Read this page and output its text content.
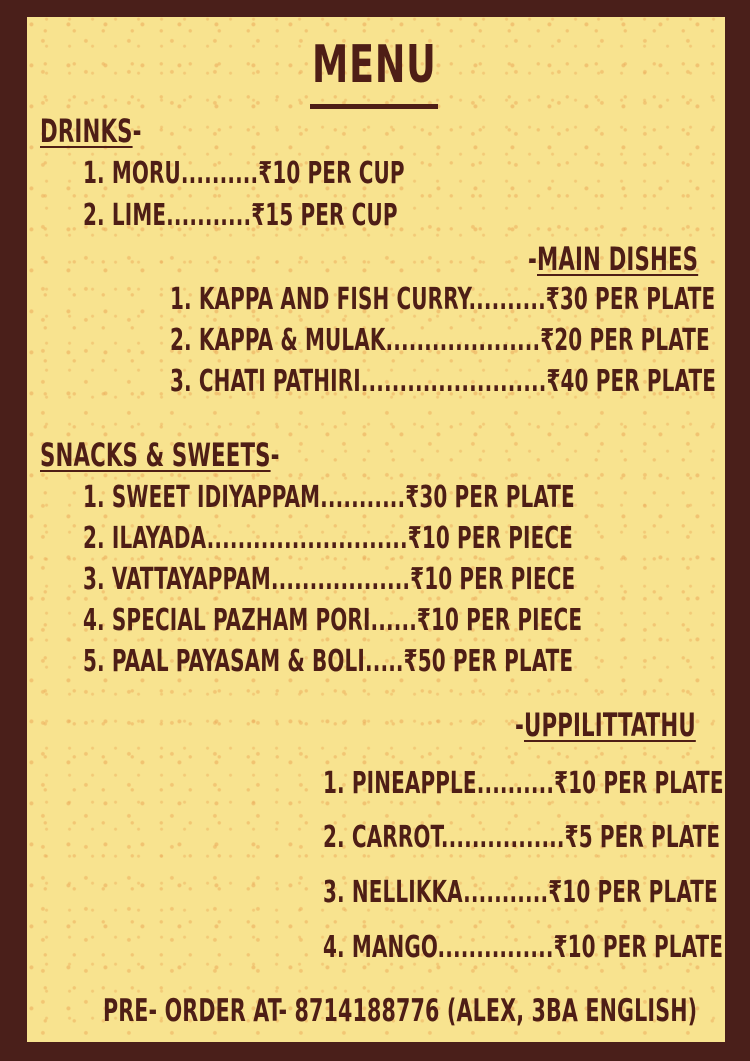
MENU
DRINKS-
1. MORU..........₹10 PER CUP
2. LIME...........₹15 PER CUP
-MAIN DISHES
1. KAPPA AND FISH CURRY..........₹30 PER PLATE
2. KAPPA & MULAK....................₹20 PER PLATE
3. CHATI PATHIRI........................₹40 PER PLATE
SNACKS & SWEETS-
1. SWEET IDIYAPPAM...........₹30 PER PLATE
2. ILAYADA..........................₹10 PER PIECE
3. VATTAYAPPAM..................₹10 PER PIECE
4. SPECIAL PAZHAM PORI......₹10 PER PIECE
5. PAAL PAYASAM & BOLI.....₹50 PER PLATE
-UPPILITTATHU
1. PINEAPPLE..........₹10 PER PLATE
2. CARROT................₹5 PER PLATE
3. NELLIKKA...........₹10 PER PLATE
4. MANGO...............₹10 PER PLATE
PRE- ORDER AT- 8714188776 (ALEX, 3BA ENGLISH)
